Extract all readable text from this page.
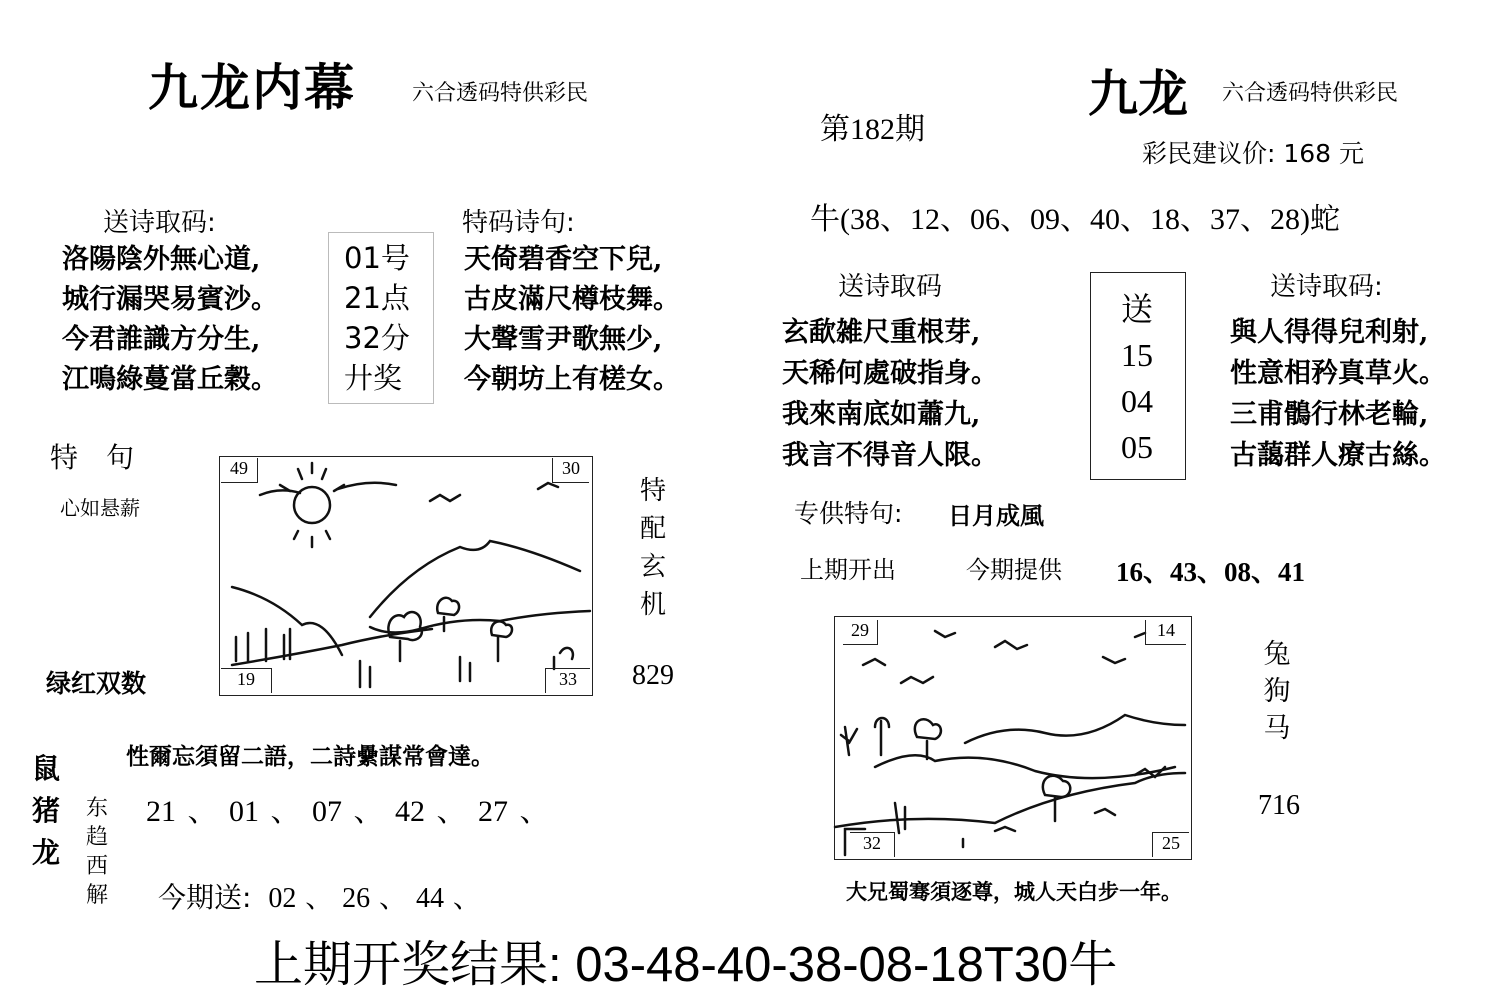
九龙内幕	六合透码特供彩民
送诗取码:
洛陽陰外無心道,
城行漏哭易賓沙。
今君誰識方分生,
江鳴綠蔓當丘穀。
01号
21点
32分
廾奖
特码诗句:
天倚碧香空下兒,
古皮滿尺樽枝舞。
大聲雪尹歌無少,
今朝坊上有槎女。
特　句
心如悬薪
49	30
19	33
特配玄机
829
绿红双数
性爾忘須留二語，二詩纍謀常會達。
鼠猪龙
东趋西解
21 、 01 、 07 、 42 、 27 、
今期送: 02 、 26 、 44 、
九龙 六合透码特供彩民
第182期
彩民建议价: 168 元
牛(38、12、06、09、40、18、37、28)蛇
送诗取码	送诗取码:
玄歃雑尺重根芽,
天稀何處破指身。
我來南底如蕭九,
我言不得音人限。
送
15
04
05
與人得得兒利射,
性意相矜真草火。
三甫鶻行林老輪,
古藹群人療古絲。
专供特句: 日月成風
上期开出	今期提供 16、43、08、41
29	14
32	25
兔狗马
716
大兄蜀骞須逐尊，城人天白步一年。
上期开奖结果: 03-48-40-38-08-18T30牛
